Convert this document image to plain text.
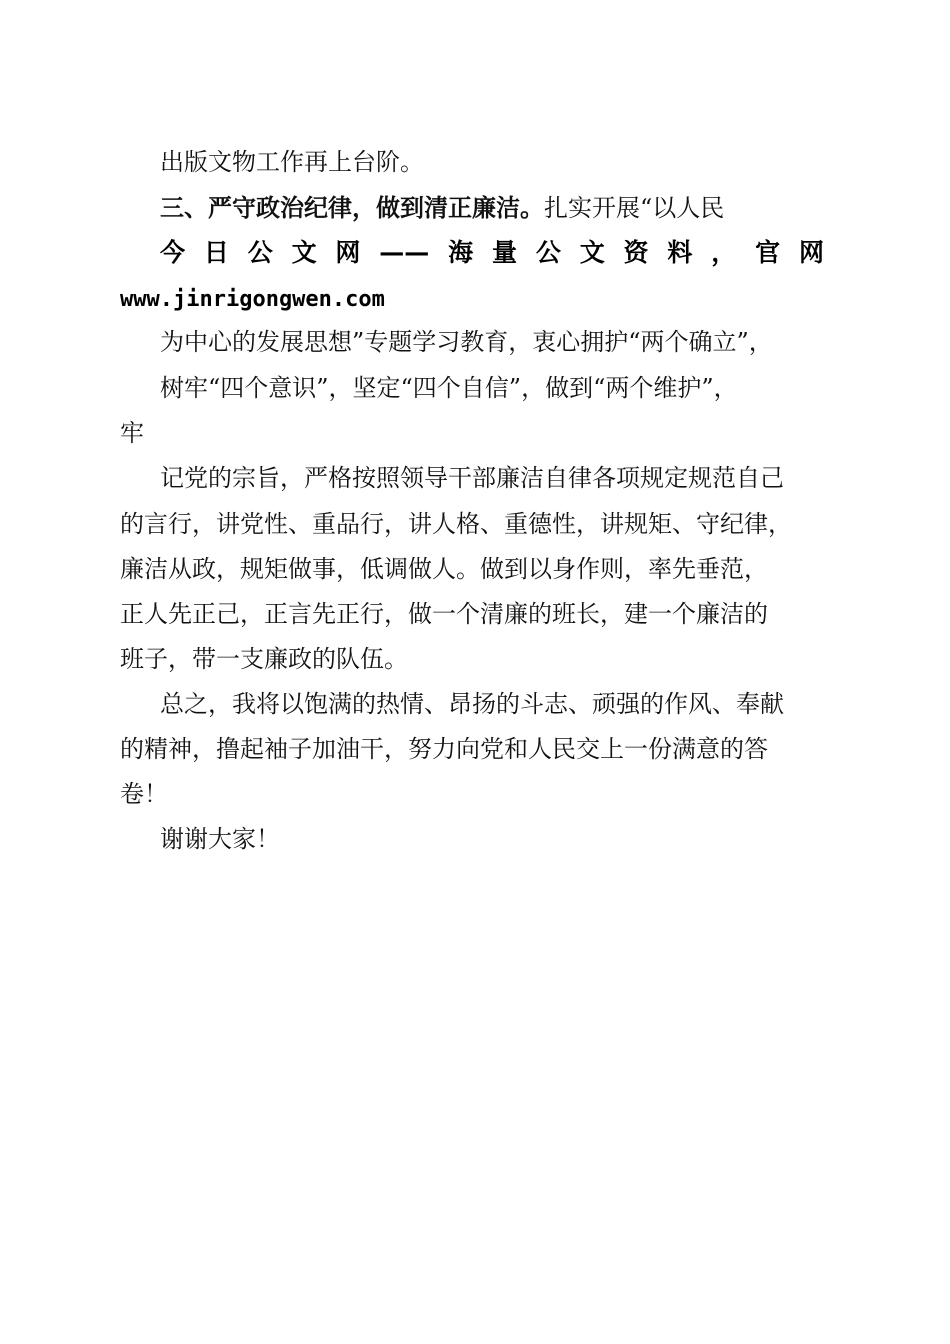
出版文物工作再上台阶。
三、严守政治纪律，做到清正廉洁。扎实开展“以人民
今日公文网——海量公文资料，官网
www.jinrigongwen.com
为中心的发展思想”专题学习教育，衷心拥护“两个确立”，
树牢“四个意识”，坚定“四个自信”，做到“两个维护”，
牢
记党的宗旨，严格按照领导干部廉洁自律各项规定规范自己
的言行，讲党性、重品行，讲人格、重德性，讲规矩、守纪律，
廉洁从政，规矩做事，低调做人。做到以身作则，率先垂范，
正人先正己，正言先正行，做一个清廉的班长，建一个廉洁的
班子，带一支廉政的队伍。
总之，我将以饱满的热情、昂扬的斗志、顽强的作风、奉献
的精神，撸起袖子加油干，努力向党和人民交上一份满意的答
卷！
谢谢大家！
